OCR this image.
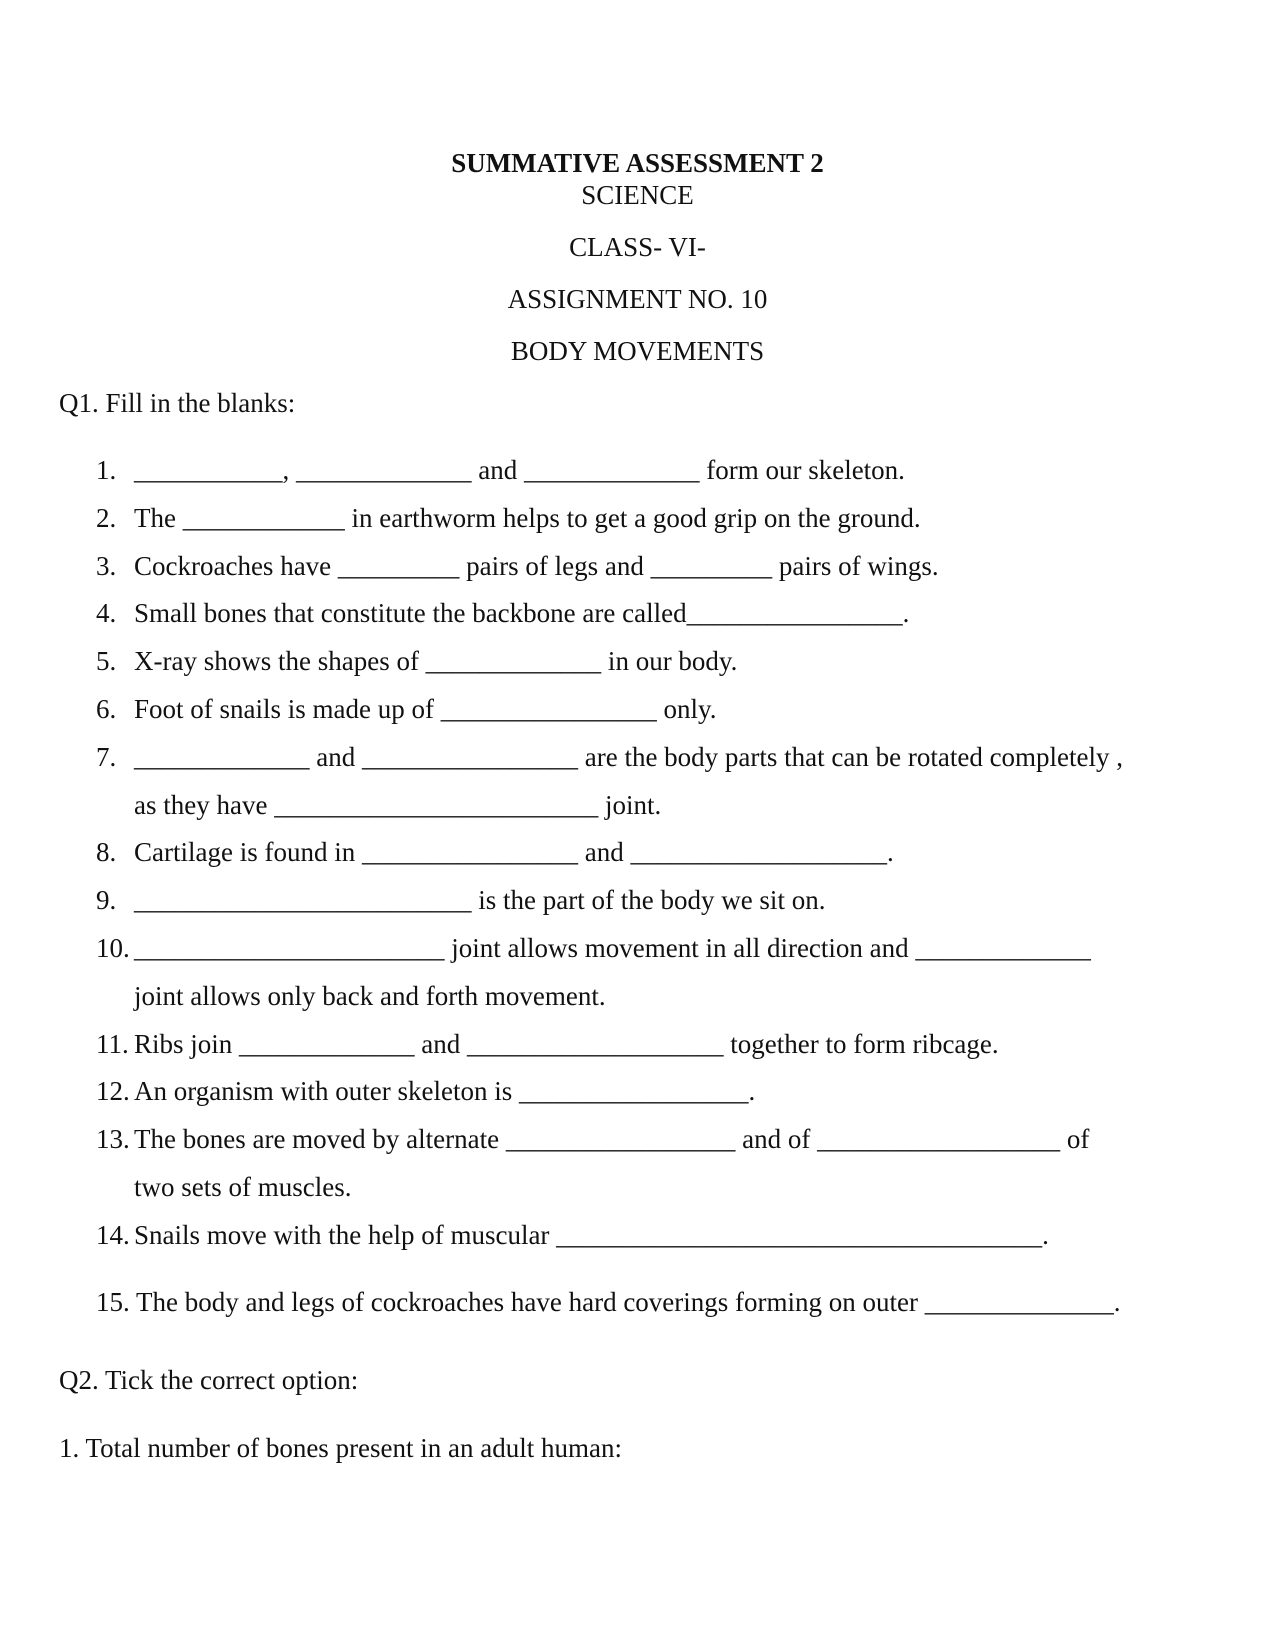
SUMMATIVE ASSESSMENT 2
SCIENCE
CLASS- VI-
ASSIGNMENT NO. 10
BODY MOVEMENTS
Q1. Fill in the blanks:
1. ___________, _____________ and _____________ form our skeleton.
2. The ____________ in earthworm helps to get a good grip on the ground.
3. Cockroaches have _________ pairs of legs and _________ pairs of wings.
4. Small bones that constitute the backbone are called________________.
5. X-ray shows the shapes of _____________ in our body.
6. Foot of snails is made up of ________________ only.
7. _____________ and ________________ are the body parts that can be rotated completely ,
as they have ________________________ joint.
8. Cartilage is found in ________________ and ___________________.
9. _________________________ is the part of the body we sit on.
10. _______________________ joint allows movement in all direction and _____________
joint allows only back and forth movement.
11. Ribs join _____________ and ___________________ together to form ribcage.
12. An organism with outer skeleton is _________________.
13. The bones are moved by alternate _________________ and of __________________ of
two sets of muscles.
14. Snails move with the help of muscular ____________________________________.
15. The body and legs of cockroaches have hard coverings forming on outer ______________.
Q2. Tick the correct option:
1. Total number of bones present in an adult human:
